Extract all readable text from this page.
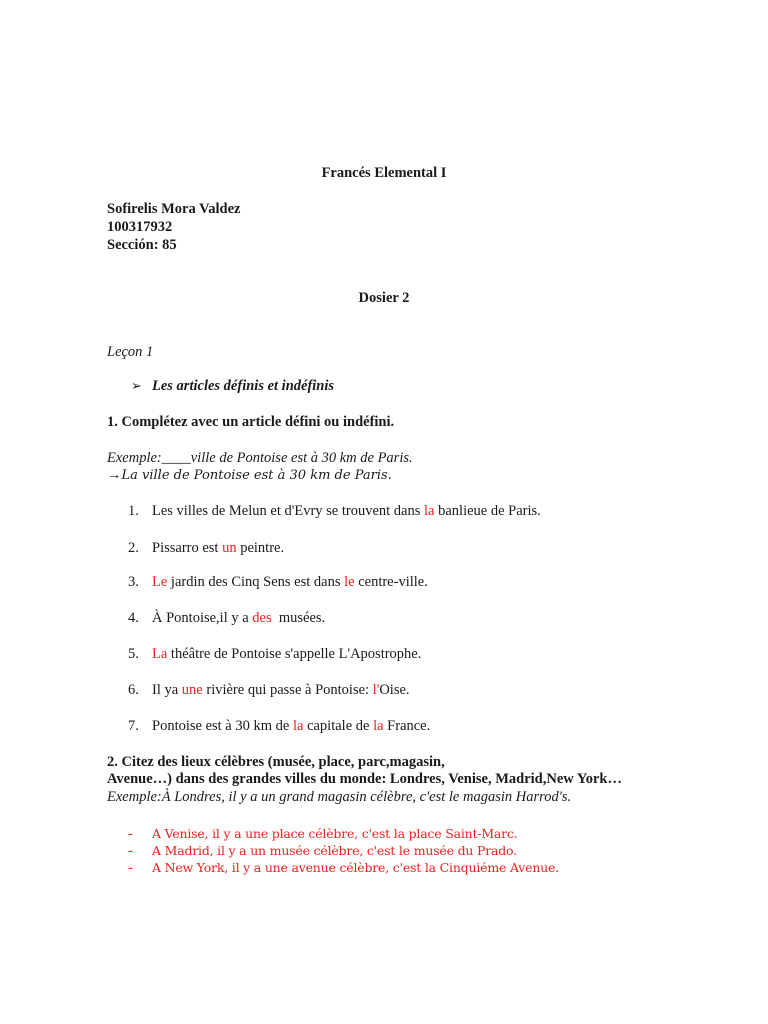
Francés Elemental I
Sofirelis Mora Valdez
100317932
Sección: 85
Dosier 2
Leçon 1
➢ Les articles définis et indéfinis
1. Complétez avec un article défini ou indéfini.
Exemple:____ville de Pontoise est à 30 km de Paris.
→La ville de Pontoise est à 30 km de Paris.
1. Les villes de Melun et d'Evry se trouvent dans la banlieue de Paris.
2. Pissarro est un peintre.
3. Le jardin des Cinq Sens est dans le centre-ville.
4. À Pontoise,il y a des  musées.
5. La théâtre de Pontoise s'appelle L'Apostrophe.
6. Il ya une rivière qui passe à Pontoise: l'Oise.
7. Pontoise est à 30 km de la capitale de la France.
2. Citez des lieux célèbres (musée, place, parc,magasin,
Avenue…) dans des grandes villes du monde: Londres, Venise, Madrid,New York…
Exemple:À Londres, il y a un grand magasin célèbre, c'est le magasin Harrod's.
- A Venise, il y a une place célèbre, c'est la place Saint-Marc.
- A Madrid, il y a un musée célèbre, c'est le musée du Prado.
- A New York, il y a une avenue célèbre, c'est la Cinquiéme Avenue.
